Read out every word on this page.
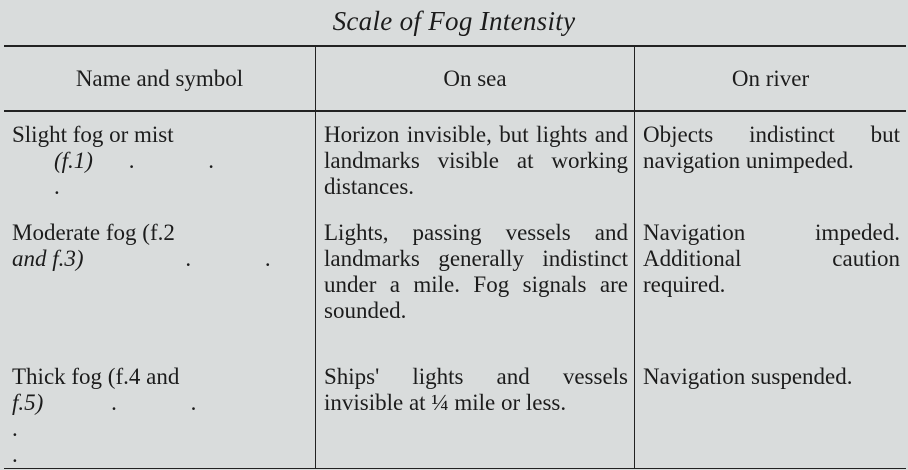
Scale of Fog Intensity
Name and symbol	On sea	On river

Slight fog or mist
(f.1) . . .	Horizon invisible, but lights and landmarks visible at working distances.	Objects indistinct but navigation unimpeded.

Moderate fog (f.2
and f.3) . .	Lights, passing vessels and landmarks generally indistinct under a mile. Fog signals are sounded.	Navigation impeded. Additional caution required.

Thick fog (f.4 and
f.5) . . .
.	Ships' lights and vessels invisible at ¼ mile or less.	Navigation suspended.
